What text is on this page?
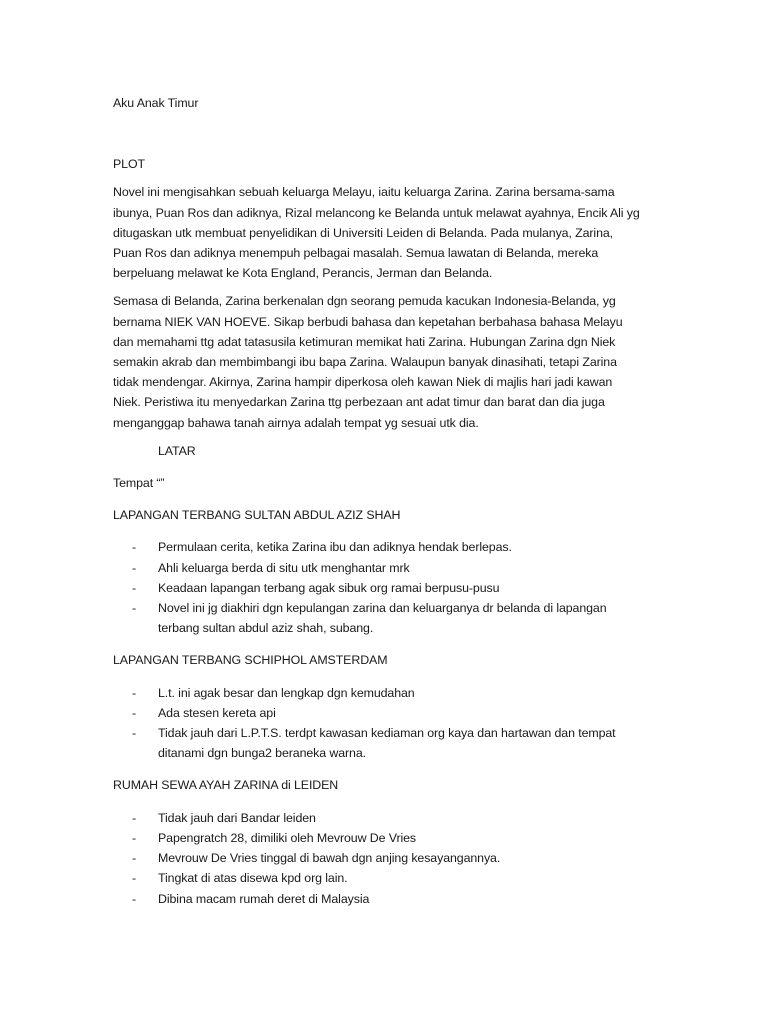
Aku Anak Timur
PLOT
Novel ini mengisahkan sebuah keluarga Melayu, iaitu keluarga Zarina. Zarina bersama-sama ibunya, Puan Ros dan adiknya, Rizal melancong ke Belanda untuk melawat ayahnya, Encik Ali yg ditugaskan utk membuat penyelidikan di Universiti Leiden di Belanda. Pada mulanya, Zarina, Puan Ros dan adiknya menempuh pelbagai masalah. Semua lawatan di Belanda, mereka berpeluang melawat ke Kota England, Perancis, Jerman dan Belanda.
Semasa di Belanda, Zarina berkenalan dgn seorang pemuda kacukan Indonesia-Belanda, yg bernama NIEK VAN HOEVE. Sikap berbudi bahasa dan kepetahan berbahasa bahasa Melayu dan memahami ttg adat tatasusila ketimuran memikat hati Zarina. Hubungan Zarina dgn Niek semakin akrab dan membimbangi ibu bapa Zarina. Walaupun banyak dinasihati, tetapi Zarina tidak mendengar. Akirnya, Zarina hampir diperkosa oleh kawan Niek di majlis hari jadi kawan Niek. Peristiwa itu menyedarkan Zarina ttg perbezaan ant adat timur dan barat dan dia juga menganggap bahawa tanah airnya adalah tempat yg sesuai utk dia.
LATAR
Tempat “”
LAPANGAN TERBANG SULTAN ABDUL AZIZ SHAH
- Permulaan cerita, ketika Zarina ibu dan adiknya hendak berlepas.
- Ahli keluarga berda di situ utk menghantar mrk
- Keadaan lapangan terbang agak sibuk org ramai berpusu-pusu
- Novel ini jg diakhiri dgn kepulangan zarina dan keluarganya dr belanda di lapangan terbang sultan abdul aziz shah, subang.
LAPANGAN TERBANG SCHIPHOL AMSTERDAM
- L.t. ini agak besar dan lengkap dgn kemudahan
- Ada stesen kereta api
- Tidak jauh dari L.P.T.S. terdpt kawasan kediaman org kaya dan hartawan dan tempat ditanami dgn bunga2 beraneka warna.
RUMAH SEWA AYAH ZARINA di LEIDEN
- Tidak jauh dari Bandar leiden
- Papengratch 28, dimiliki oleh Mevrouw De Vries
- Mevrouw De Vries tinggal di bawah dgn anjing kesayangannya.
- Tingkat di atas disewa kpd org lain.
- Dibina macam rumah deret di Malaysia
